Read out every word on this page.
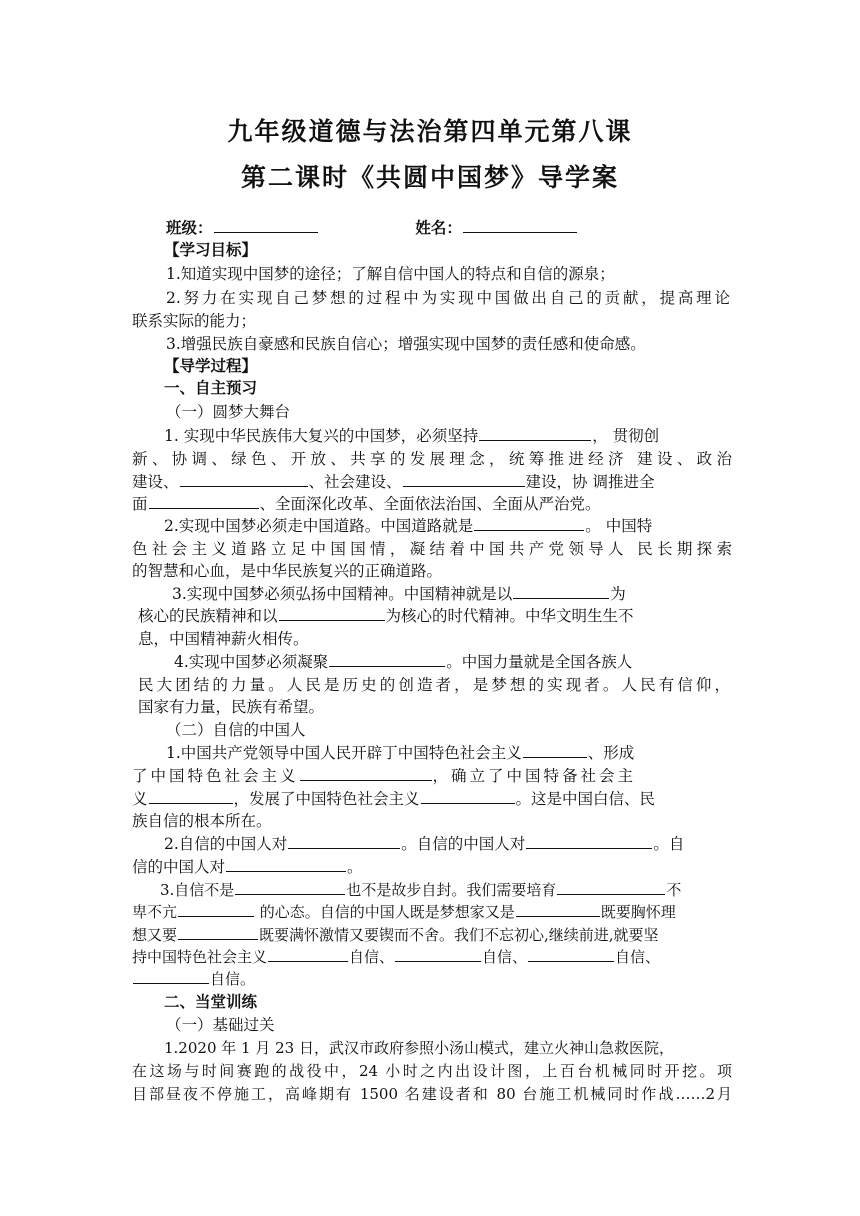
九年级道德与法治第四单元第八课
第二课时《共圆中国梦》导学案
班级：	姓名：
【学习目标】
1.知道实现中国梦的途径；了解自信中国人的特点和自信的源泉；
2.努力在实现自己梦想的过程中为实现中国做出自己的贡献，提高理论
联系实际的能力；
3.增强民族自豪感和民族自信心；增强实现中国梦的责任感和使命感。
【导学过程】
一、自主预习
（一）圆梦大舞台
1. 实现中华民族伟大复兴的中国梦，必须坚持	， 贯彻创
新、协调、绿色、开放、共享的发展理念，统筹推进经济 建设、政治
建设、	、社会建设、	建设，协 调推进全
面	、全面深化改革、全面依法治国、全面从严治党。
2.实现中国梦必须走中国道路。中国道路就是	。 中国特
色社会主义道路立足中国国情，凝结着中国共产党领导人 民长期探索
的智慧和心血，是中华民族复兴的正确道路。
3.实现中国梦必须弘扬中国精神。中国精神就是以	为
核心的民族精神和以	为核心的时代精神。中华文明生生不
息，中国精神薪火相传。
4.实现中国梦必须凝聚	。中国力量就是全国各族人
民大团结的力量。人民是历史的创造者，是梦想的实现者。人民有信仰，
国家有力量，民族有希望。
（二）自信的中国人
1.中国共产党领导中国人民开辟丁中国特色社会主义	、形成
了中国特色社会主义	，确立了中国特备社会主
义	，发展了中国特色社会主义	。这是中国白信、民
族自信的根本所在。
2.自信的中国人对	。自信的中国人对	。自
信的中国人对	。
3.自信不是	也不是故步自封。我们需要培育	不
卑不亢	的心态。自信的中国人既是梦想家又是	既要胸怀理
想又要	既要满怀激情又要锲而不舍。我们不忘初心,继续前进,就要坚
持中国特色社会主义	自信、	自信、	自信、
自信。
二、当堂训练
（一）基础过关
1.2020 年 1 月 23 日，武汉市政府参照小汤山模式，建立火神山急救医院，
在这场与时间赛跑的战役中，24 小时之内出设计图，上百台机械同时开挖。项
目部昼夜不停施工，高峰期有 1500 名建设者和 80 台施工机械同时作战……2月
